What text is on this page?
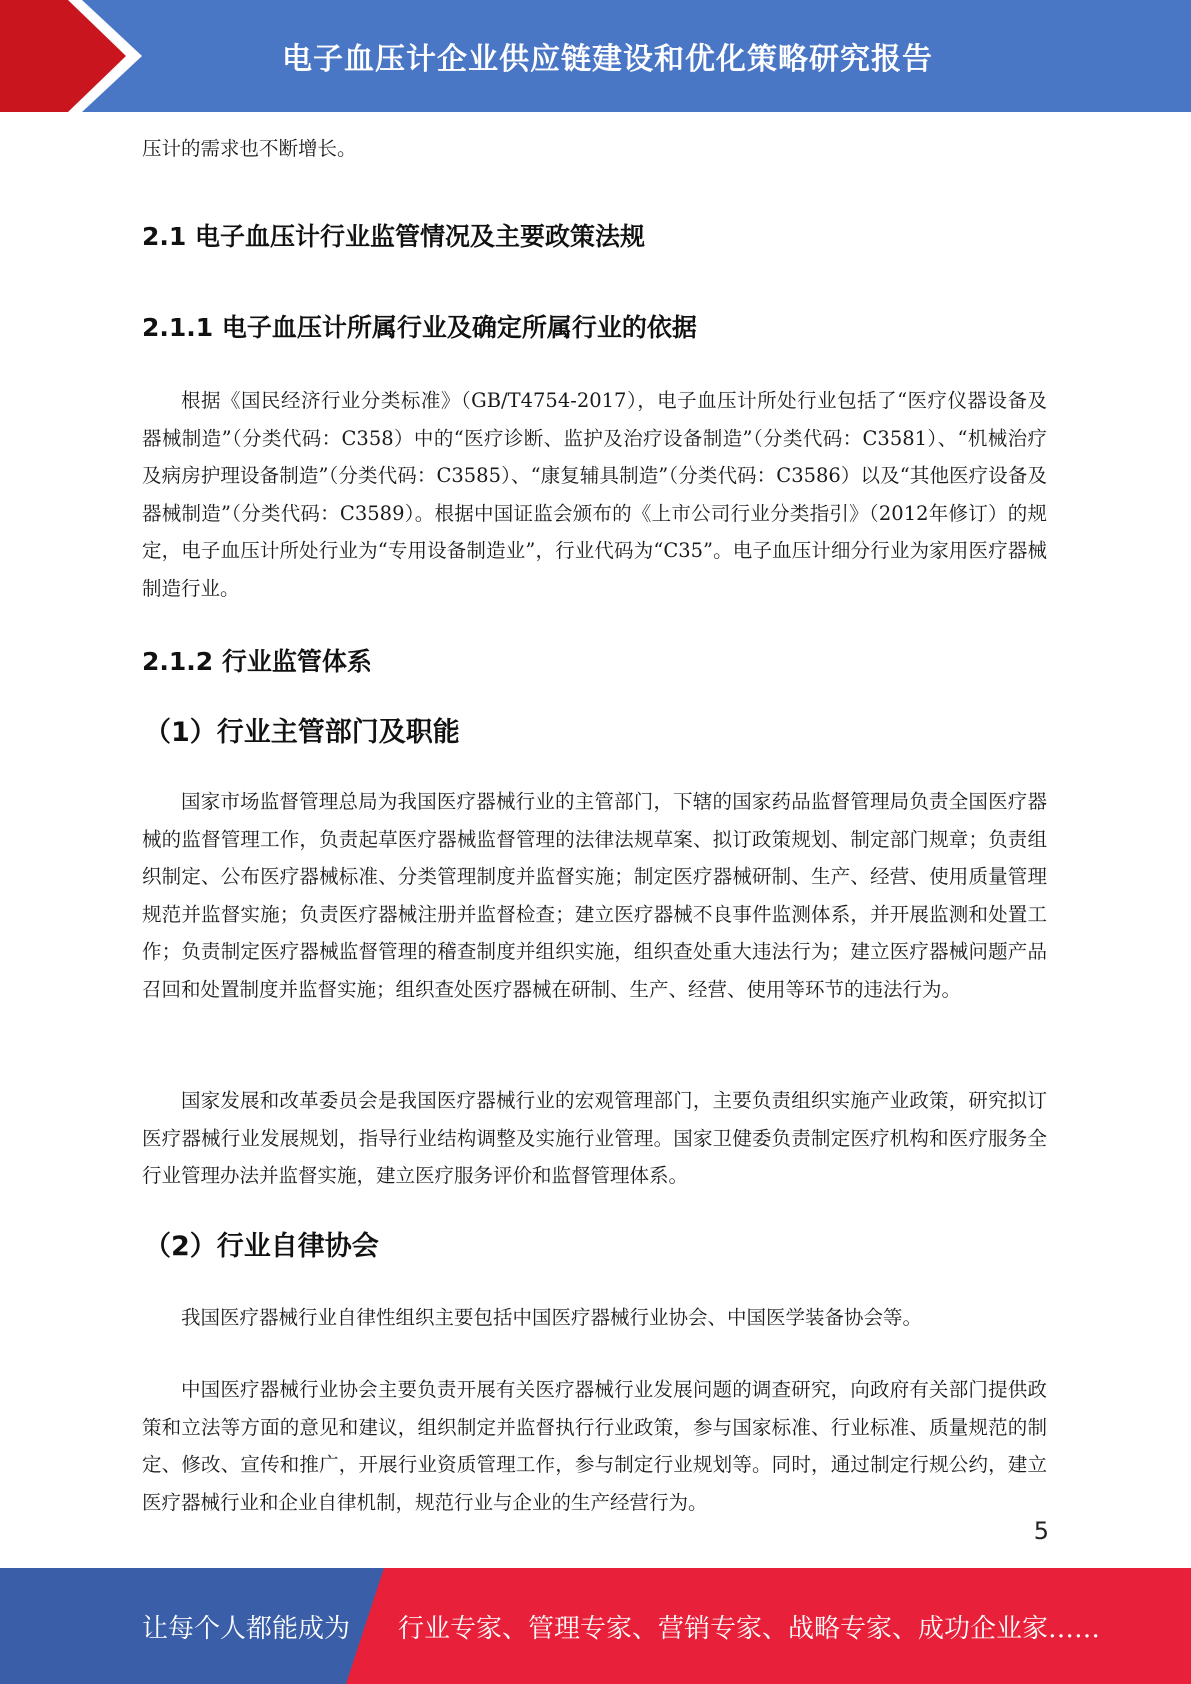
电子血压计企业供应链建设和优化策略研究报告

压计的需求也不断增长。

2.1 电子血压计行业监管情况及主要政策法规
2.1.1 电子血压计所属行业及确定所属行业的依据

根据《国民经济行业分类标准》（GB/T4754-2017），电子血压计所处行业包括了“医疗仪器设备及器械制造”（分类代码：C358）中的“医疗诊断、监护及治疗设备制造”（分类代码：C3581）、“机械治疗及病房护理设备制造”（分类代码：C3585）、“康复辅具制造”（分类代码：C3586）以及“其他医疗设备及器械制造”（分类代码：C3589）。根据中国证监会颁布的《上市公司行业分类指引》（2012年修订）的规定，电子血压计所处行业为“专用设备制造业”，行业代码为“C35”。电子血压计细分行业为家用医疗器械制造行业。

2.1.2 行业监管体系
（1）行业主管部门及职能

国家市场监督管理总局为我国医疗器械行业的主管部门，下辖的国家药品监督管理局负责全国医疗器械的监督管理工作，负责起草医疗器械监督管理的法律法规草案、拟订政策规划、制定部门规章；负责组织制定、公布医疗器械标准、分类管理制度并监督实施；制定医疗器械研制、生产、经营、使用质量管理规范并监督实施；负责医疗器械注册并监督检查；建立医疗器械不良事件监测体系，并开展监测和处置工作；负责制定医疗器械监督管理的稽查制度并组织实施，组织查处重大违法行为；建立医疗器械问题产品召回和处置制度并监督实施；组织查处医疗器械在研制、生产、经营、使用等环节的违法行为。

国家发展和改革委员会是我国医疗器械行业的宏观管理部门，主要负责组织实施产业政策，研究拟订医疗器械行业发展规划，指导行业结构调整及实施行业管理。国家卫健委负责制定医疗机构和医疗服务全行业管理办法并监督实施，建立医疗服务评价和监督管理体系。

（2）行业自律协会

我国医疗器械行业自律性组织主要包括中国医疗器械行业协会、中国医学装备协会等。

中国医疗器械行业协会主要负责开展有关医疗器械行业发展问题的调查研究，向政府有关部门提供政策和立法等方面的意见和建议，组织制定并监督执行行业政策，参与国家标准、行业标准、质量规范的制定、修改、宣传和推广，开展行业资质管理工作，参与制定行业规划等。同时，通过制定行规公约，建立医疗器械行业和企业自律机制，规范行业与企业的生产经营行为。

5
让每个人都能成为 行业专家、管理专家、营销专家、战略专家、成功企业家……
